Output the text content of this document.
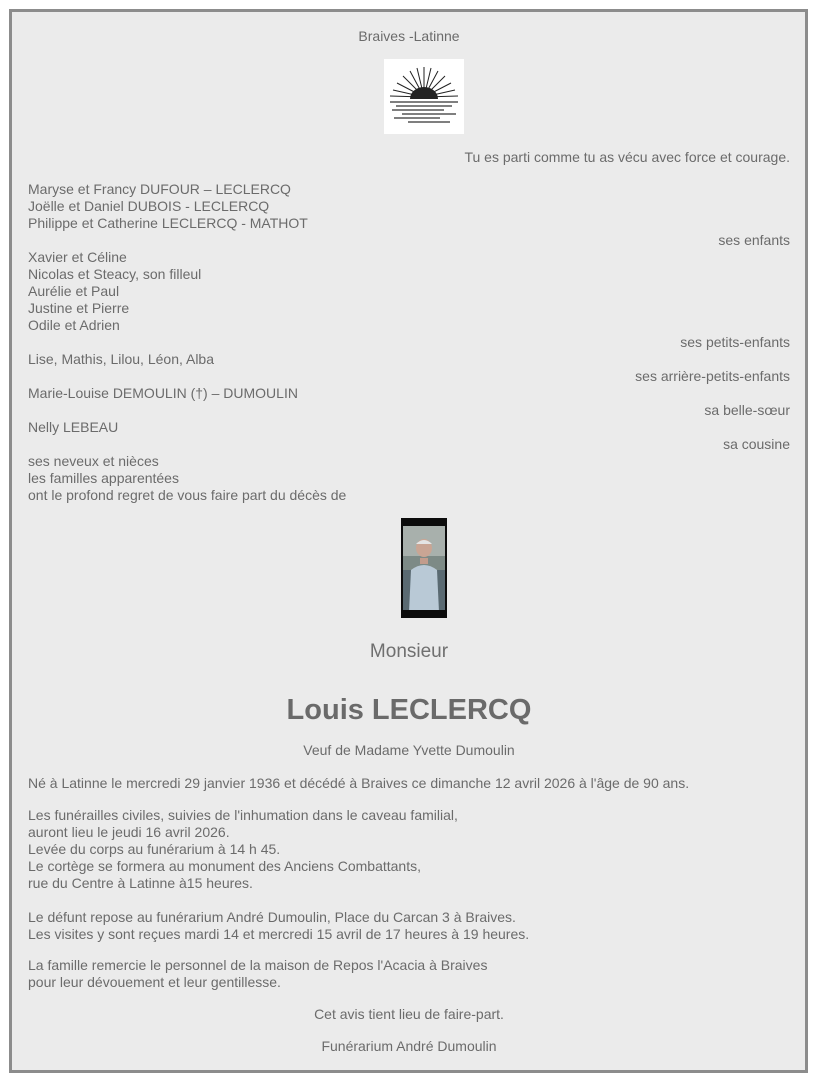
Braives -Latinne
Tu es parti comme tu as vécu avec force et courage.
Maryse et Francy DUFOUR – LECLERCQ
Joëlle et Daniel DUBOIS - LECLERCQ
Philippe et Catherine LECLERCQ - MATHOT
ses enfants
Xavier et Céline
Nicolas et Steacy, son filleul
Aurélie et Paul
Justine et Pierre
Odile et Adrien
ses petits-enfants
Lise, Mathis, Lilou, Léon, Alba
ses arrière-petits-enfants
Marie-Louise DEMOULIN (†) – DUMOULIN
sa belle-sœur
Nelly LEBEAU
sa cousine
ses neveux et nièces
les familles apparentées
ont le profond regret de vous faire part du décès de
Monsieur
Louis LECLERCQ
Veuf de Madame Yvette Dumoulin
Né à Latinne le mercredi 29 janvier 1936 et décédé à Braives ce dimanche 12 avril 2026 à l'âge de 90 ans.
Les funérailles civiles, suivies de l'inhumation dans le caveau familial,
auront lieu le jeudi 16 avril 2026.
Levée du corps au funérarium à 14 h 45.
Le cortège se formera au monument des Anciens Combattants,
rue du Centre à Latinne à15 heures.
Le défunt repose au funérarium André Dumoulin, Place du Carcan 3 à Braives.
Les visites y sont reçues mardi 14 et mercredi 15 avril de 17 heures à 19 heures.
La famille remercie le personnel de la maison de Repos l'Acacia à Braives
pour leur dévouement et leur gentillesse.
Cet avis tient lieu de faire-part.
Funérarium André Dumoulin
